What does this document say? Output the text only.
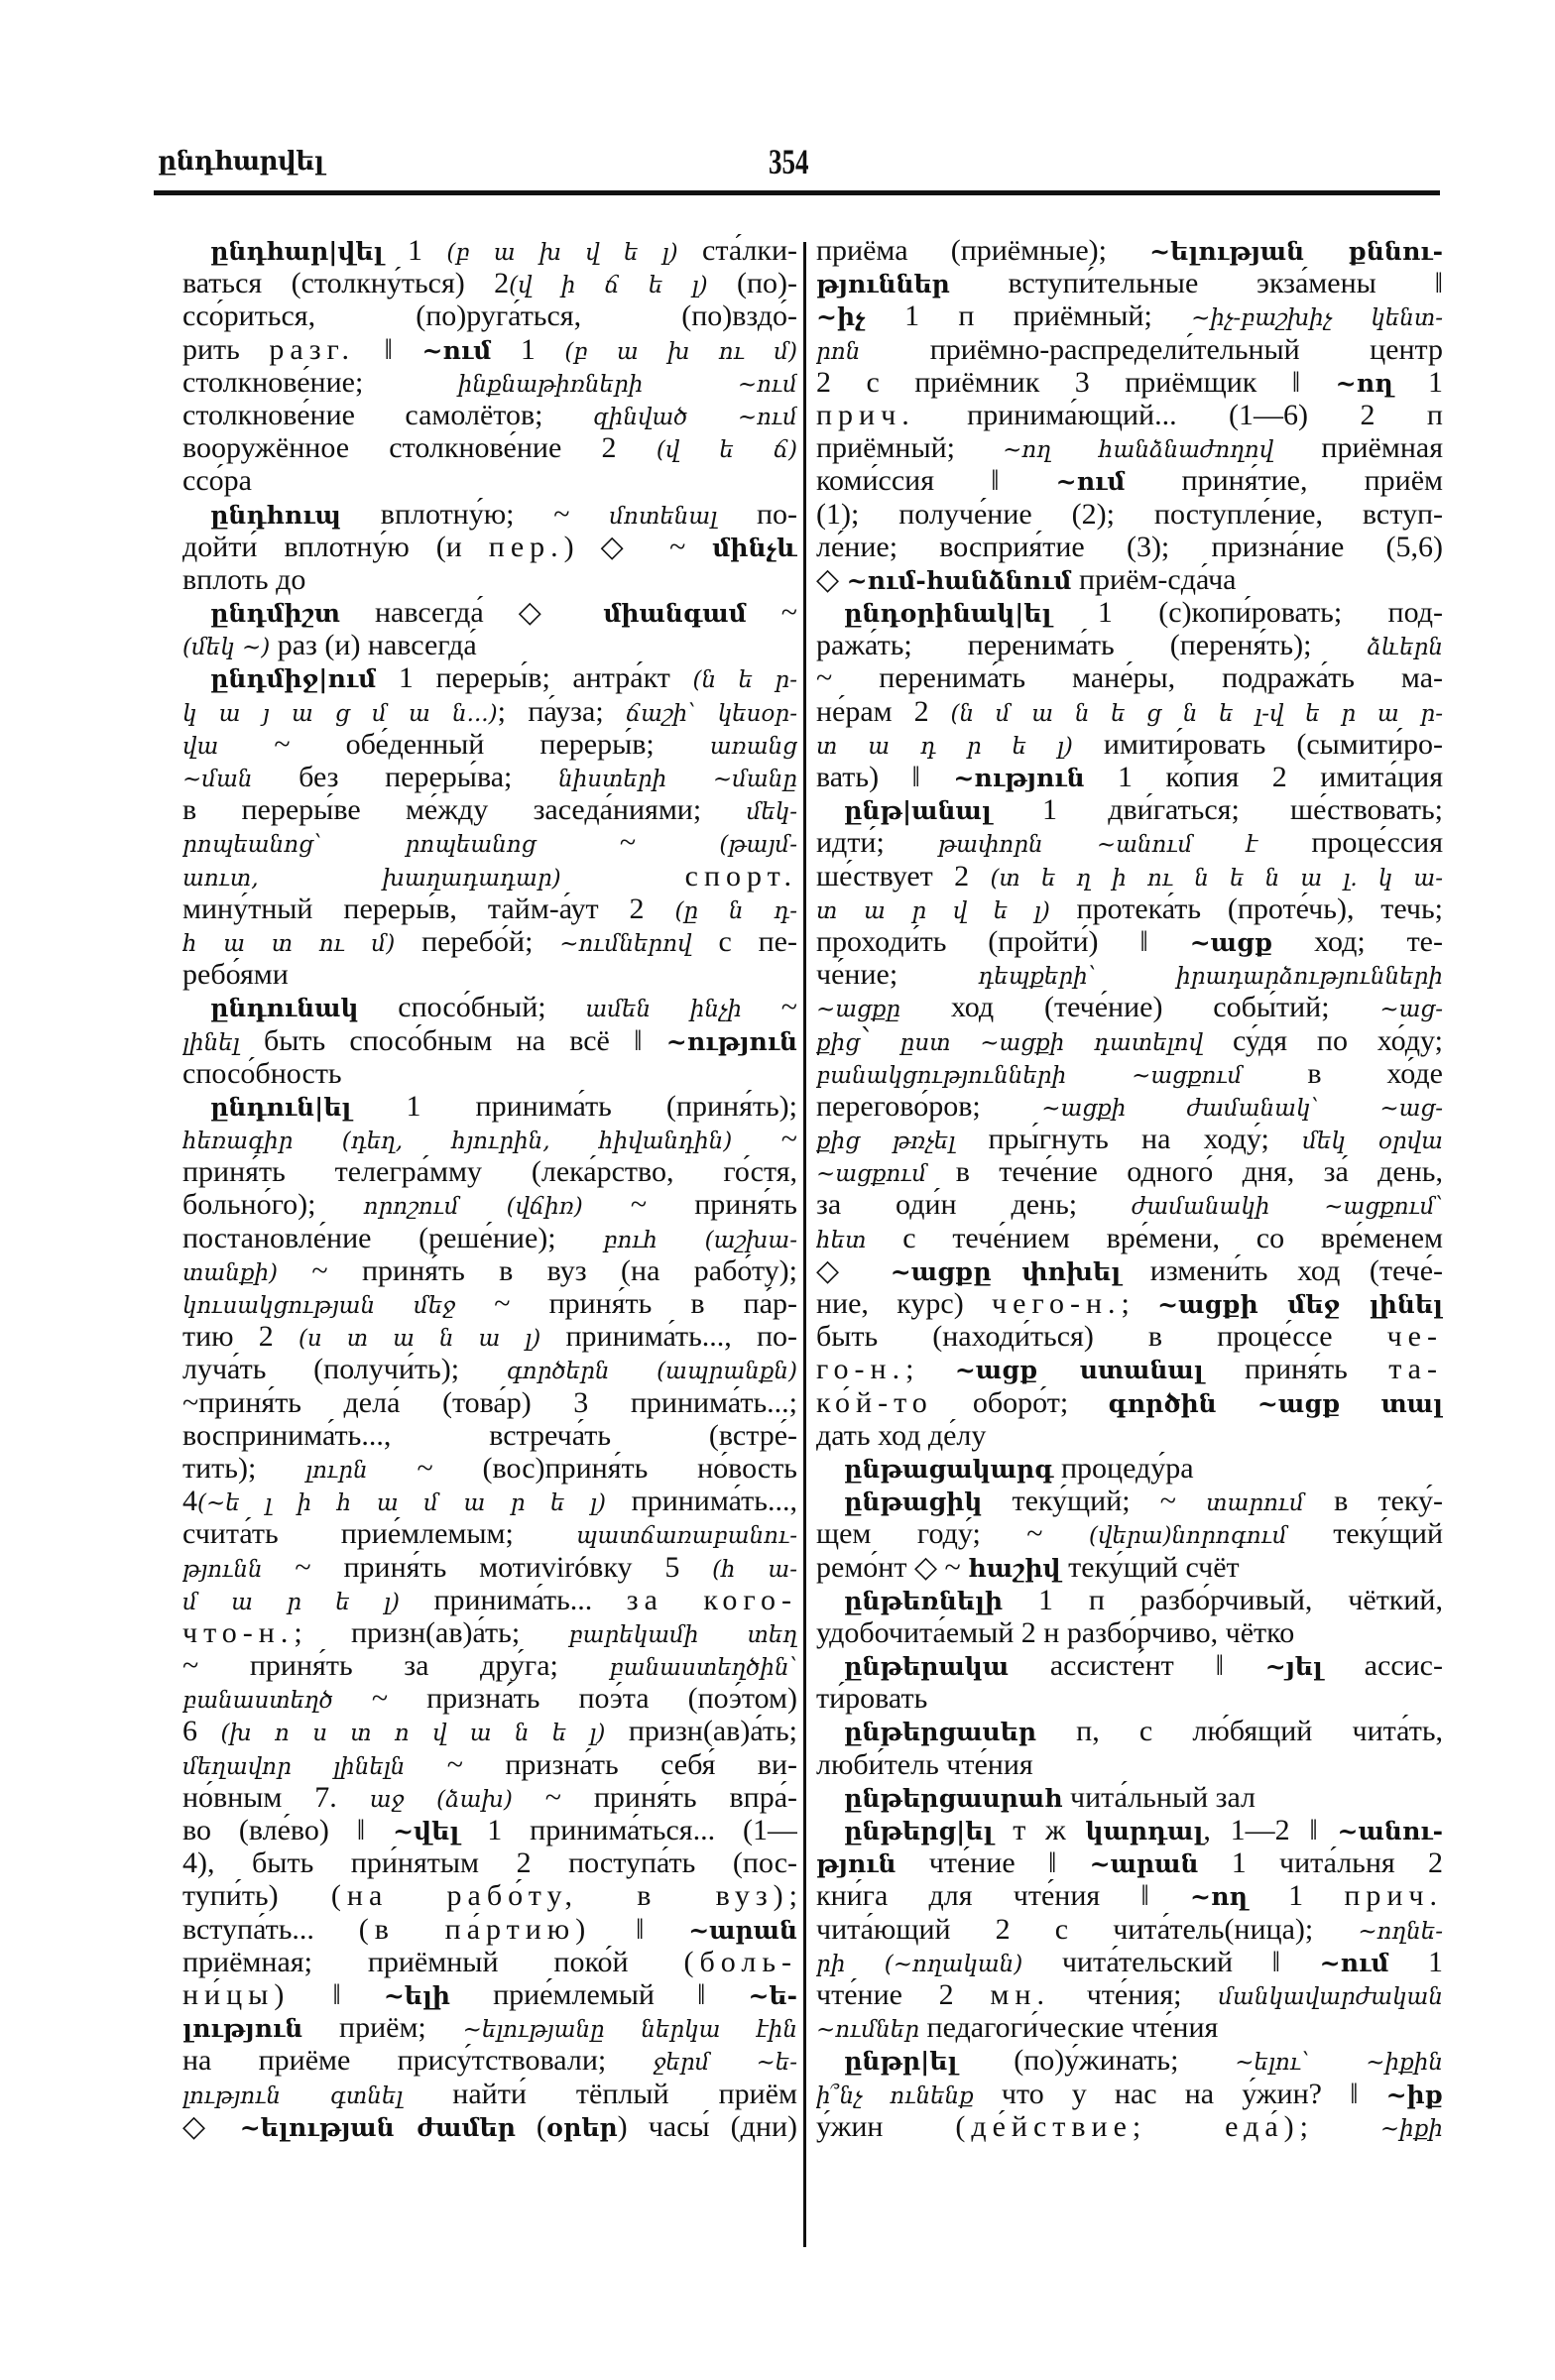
ընդհարվել	354
ընդհար|վել 1 (բ ա խ վ ե լ) ста́лки-
ваться (столкну́ться) 2(վ ի ճ ե լ) (по)-
ссо́риться, (по)руга́ться, (по)вздо́-
рить разг. ‖ ~ում 1 (բ ա խ ու մ)
столкнове́ние; ինքնաթիռների	~ում
столкнове́ние самолётов; զինված ~ում
вооружённое столкнове́ние 2 (վ ե ճ)
ссо́ра
ընդհուպ вплотну́ю; ~ մոտենալ по-
дойти́ вплотну́ю (и пер.) ◇ ~ մինչև
вплоть до
ընդմիշտ навсегда́ ◇ միանգամ ~
(մեկ ~) раз (и) навсегда́
ընդմիջ|ում 1 переры́в; антра́кт (ն ե ր-
կ ա յ ա ց մ ա ն...); па́уза; ճաշի՝ կեսօր-
վա ~ обе́денный переры́в; առանց
~ման без переры́ва; նիստերի ~մանը
в переры́ве ме́жду заседа́ниями; մեկ-
րոպեանոց՝	րոպեանոց ~ (թայմ-
աուտ,	խաղադադար)	спорт.
мину́тный переры́в, тайм-а́ут 2 (ը ն դ-
հ ա տ ու մ) перебо́й; ~ումներով с пе-
ребо́ями
ընդունակ спосо́бный; ամեն ինչի ~
լինել быть спосо́бным на всё ‖ ~ություն
спосо́бность
ընդուն|ել 1 принима́ть (приня́ть);
հեռագիր (դեղ, հյուրին, հիվանդին) ~
приня́ть телегра́мму (лека́рство, го́стя,
больно́го); որոշում (վճիռ) ~ приня́ть
постановле́ние (реше́ние); բուհ (աշխա-
տանքի) ~ приня́ть в вуз (на рабо́ту);
կուսակցության մեջ ~ приня́ть в па́р-
тию 2 (ս տ ա ն ա լ) принима́ть..., по-
луча́ть (получи́ть); գործերն (ապրանքն)
~приня́ть дела́ (това́р) 3 принима́ть...;
воспринима́ть..., встреча́ть (встре́-
тить); լուրն ~ (вос)приня́ть но́вость
4(~ե լ ի հ ա մ ա ր ե լ) принима́ть...,
счита́ть прие́млемым; պատճառաբանու-
թյունն ~ приня́ть мотиviróвку 5 (հ ա-
մ ա ր ե լ) принима́ть... за кого-
что-н.; призн(ав)а́ть; բարեկամի տեղ
~ приня́ть за дру́га; բանաստեղծին՝
բանաստեղծ ~ призна́ть поэ́та (поэ́том)
6 (խ ո ս տ ո վ ա ն ե լ) призн(ав)а́ть;
մեղավոր լինելն ~ призна́ть себя́ ви-
но́вным 7. աջ (ձախ) ~ приня́ть впра́-
во (вле́во) ‖ ~վել 1 принима́ться... (1—
4), быть при́нятым 2 поступа́ть (пос-
тупи́ть) (на рабо́ту, в вуз);
вступа́ть... (в па́ртию) ‖ ~արան
приёмная; приёмный поко́й (боль-
ни́цы) ‖ ~ելի прие́млемый ‖ ~ե-
լություն приём; ~ելությանը ներկա էին
на приёме прису́тствовали; ջերմ ~ե-
լություն գտնել найти́ тёплый приём
◇ ~ելության ժամեր (օրեր) часы́ (дни)
приёма (приёмные); ~ելության քննու-
թյուններ вступи́тельные экза́мены ‖
~իչ 1 п приёмный; ~իչ-բաշխիչ կենտ-
րոն приёмно-распредели́тельный центр
2 с приёмник 3 приёмщик ‖ ~ող 1
прич. принима́ющий... (1—6) 2 п
приёмный; ~ող հանձնաժողով приёмная
коми́ссия ‖ ~ում приня́тие, приём
(1); получе́ние (2); поступле́ние, вступ-
ле́ние; восприя́тие (3); призна́ние (5,6)
◇ ~ում-հանձնում приём-сда́ча
ընդօրինակ|ել 1 (с)копи́ровать; под-
ража́ть; перенима́ть (переня́ть); ձևերն
~ перенима́ть мане́ры, подража́ть ма-
не́рам 2 (ն մ ա ն ե ց ն ե լ-վ ե ր ա ր-
տ ա դ ր ե լ) имити́ровать (сымити́ро-
вать) ‖ ~ություն 1 ко́пия 2 имита́ция
ընթ|անալ 1 дви́гаться; ше́ствовать;
идти́; թափորն ~անում է проце́ссия
ше́ствует 2 (տ ե ղ ի ու ն ե ն ա լ. կ ա-
տ ա ր վ ե լ) протека́ть (проте́чь), течь;
проходи́ть (пройти́) ‖ ~ացք ход; те-
че́ние; դեպքերի՝	իրադարձությունների
~ացքը ход (тече́ние) собы́тий; ~աց-
քից՝ ըստ ~ացքի դատելով су́дя по хо́ду;
բանակցությունների	~ացքում в хо́де
перегово́ров; ~ացքի ժամանակ՝	~աց-
քից թռչել пры́гнуть на ходу́; մեկ օրվա
~ացքում в тече́ние одного́ дня, за́ день,
за оди́н день; ժամանակի ~ացքում՝
հետ с тече́нием вре́мени, со вре́менем
◇ ~ացքը փոխել измени́ть ход (тече́-
ние, курс) чего-н.; ~ացքի մեջ լինել
быть (находи́ться) в проце́ссе че-
го-н.; ~ացք ստանալ приня́ть та-
ко́й-то оборо́т; գործին ~ացք տալ
дать ход де́лу
ընթացակարգ процеду́ра
ընթացիկ теку́щий; ~ տարում в теку́-
щем году́; ~ (վերա)նորոգում теку́щий
ремо́нт ◇ ~ հաշիվ теку́щий счёт
ընթեռնելի 1 п разбо́рчивый, чёткий,
удобочита́емый 2 н разбо́рчиво, чётко
ընթերակա ассисте́нт ‖ ~յել ассис-
ти́ровать
ընթերցասեր п, с лю́бящий чита́ть,
люби́тель чте́ния
ընթերցասրահ чита́льный зал
ընթերց|ել т ж կարդալ, 1—2 ‖ ~անու-
թյուն чте́ние ‖ ~արան 1 чита́льня 2
кни́га для чте́ния ‖ ~ող 1 прич.
чита́ющий 2 с чита́тель(ница); ~ողնե-
րի (~ողական) чита́тельский ‖ ~ում 1
чте́ние 2 мн. чте́ния; մանկավարժական
~ումներ педагоги́ческие чте́ния
ընթր|ել (по)у́жинать; ~ելու՝ ~իքին
ի՞նչ ունենք что у нас на у́жин? ‖ ~իք
у́жин (де́йствие; еда́); ~իքի
